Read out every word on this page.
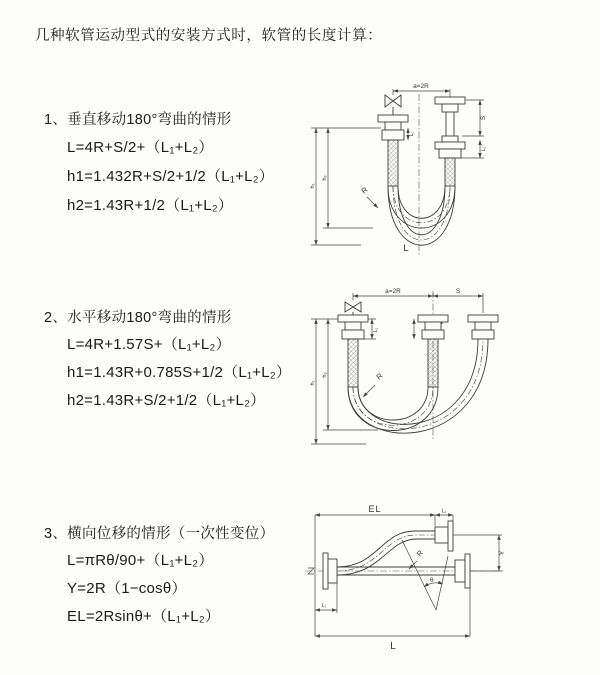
几种软管运动型式的安装方式时，软管的长度计算：
1、垂直移动180°弯曲的情形
L=4R+S/2+（L₁+L₂）
h1=1.432R+S/2+1/2（L₁+L₂）
h2=1.43R+1/2（L₁+L₂）
2、水平移动180°弯曲的情形
L=4R+1.57S+（L₁+L₂）
h1=1.43R+0.785S+1/2（L₁+L₂）
h2=1.43R+S/2+1/2（L₁+L₂）
3、横向位移的情形（一次性变位）
L=πRθ/90+（L₁+L₂）
Y=2R（1−cosθ）
EL=2Rsinθ+（L₁+L₂）
a=2R
S
L₁
h₁
h₂
L₁
R
L
a=2R	S
h₁
h₂
L₁
R
EL	L₁
Y
R
θ
L
L₁
